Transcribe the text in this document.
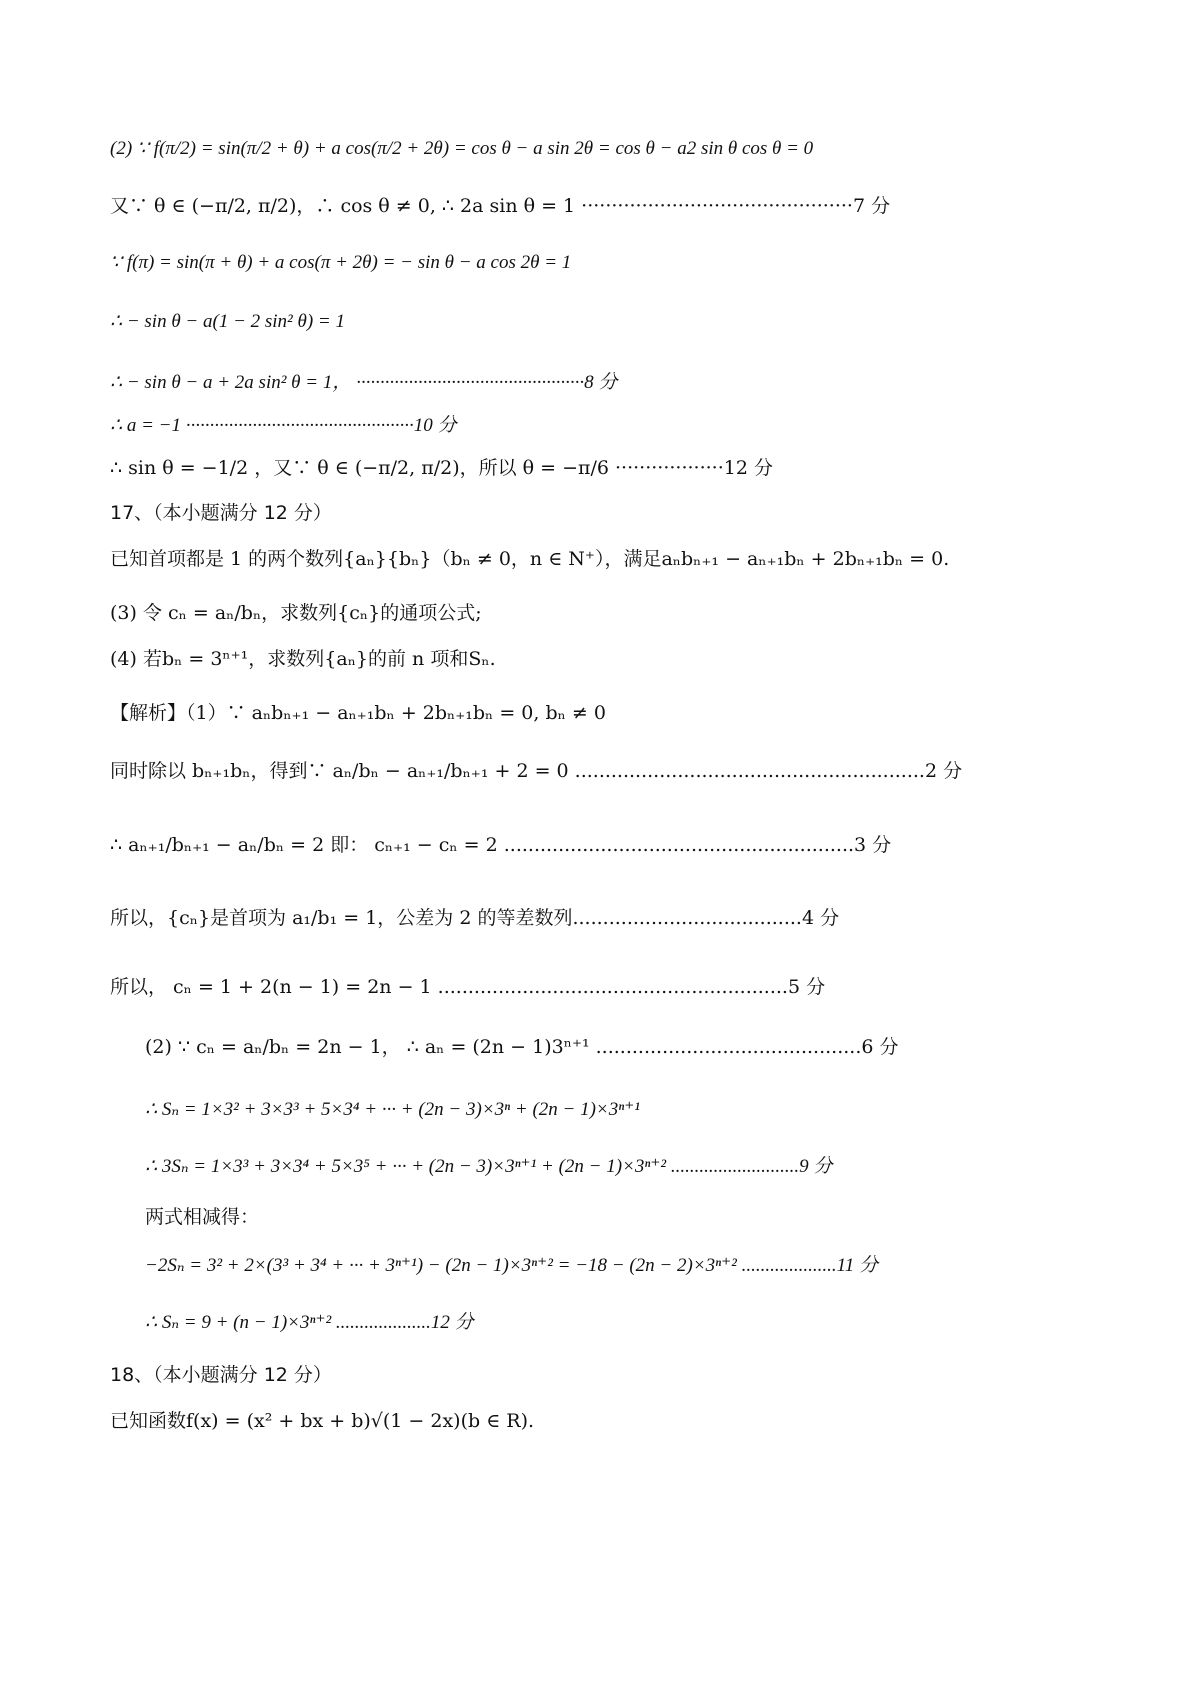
(2) ∵ f(π/2) = sin(π/2 + θ) + a cos(π/2 + 2θ) = cos θ − a sin 2θ = cos θ − a2 sin θ cos θ = 0
又∵ θ ∈ (−π/2, π/2)，∴ cos θ ≠ 0, ∴ 2a sin θ = 1 ·············································7 分
∵ f(π) = sin(π + θ) + a cos(π + 2θ) = − sin θ − a cos 2θ = 1
∴ − sin θ − a(1 − 2 sin² θ) = 1
∴ − sin θ − a + 2a sin² θ = 1， ················································8 分
∴ a = −1 ················································10 分
∴ sin θ = −1/2 ，又∵ θ ∈ (−π/2, π/2)，所以 θ = −π/6 ··················12 分
17、（本小题满分 12 分）
已知首项都是 1 的两个数列{aₙ}{bₙ}（bₙ ≠ 0，n ∈ N⁺），满足aₙbₙ₊₁ − aₙ₊₁bₙ + 2bₙ₊₁bₙ = 0.
(3) 令 cₙ = aₙ/bₙ，求数列{cₙ}的通项公式;
(4) 若bₙ = 3ⁿ⁺¹，求数列{aₙ}的前 n 项和Sₙ.
【解析】（1）∵ aₙbₙ₊₁ − aₙ₊₁bₙ + 2bₙ₊₁bₙ = 0, bₙ ≠ 0
同时除以 bₙ₊₁bₙ，得到∵ aₙ/bₙ − aₙ₊₁/bₙ₊₁ + 2 = 0 ..........................................................2 分
∴ aₙ₊₁/bₙ₊₁ − aₙ/bₙ = 2 即： cₙ₊₁ − cₙ = 2 ..........................................................3 分
所以，{cₙ}是首项为 a₁/b₁ = 1，公差为 2 的等差数列......................................4 分
所以， cₙ = 1 + 2(n − 1) = 2n − 1 ..........................................................5 分
(2) ∵ cₙ = aₙ/bₙ = 2n − 1， ∴ aₙ = (2n − 1)3ⁿ⁺¹ ............................................6 分
∴ Sₙ = 1×3² + 3×3³ + 5×3⁴ + ··· + (2n − 3)×3ⁿ + (2n − 1)×3ⁿ⁺¹
∴ 3Sₙ = 1×3³ + 3×3⁴ + 5×3⁵ + ··· + (2n − 3)×3ⁿ⁺¹ + (2n − 1)×3ⁿ⁺² ...........................9 分
两式相减得：
−2Sₙ = 3² + 2×(3³ + 3⁴ + ··· + 3ⁿ⁺¹) − (2n − 1)×3ⁿ⁺² = −18 − (2n − 2)×3ⁿ⁺² ....................11 分
∴ Sₙ = 9 + (n − 1)×3ⁿ⁺² ....................12 分
18、（本小题满分 12 分）
已知函数f(x) = (x² + bx + b)√(1 − 2x)(b ∈ R).
